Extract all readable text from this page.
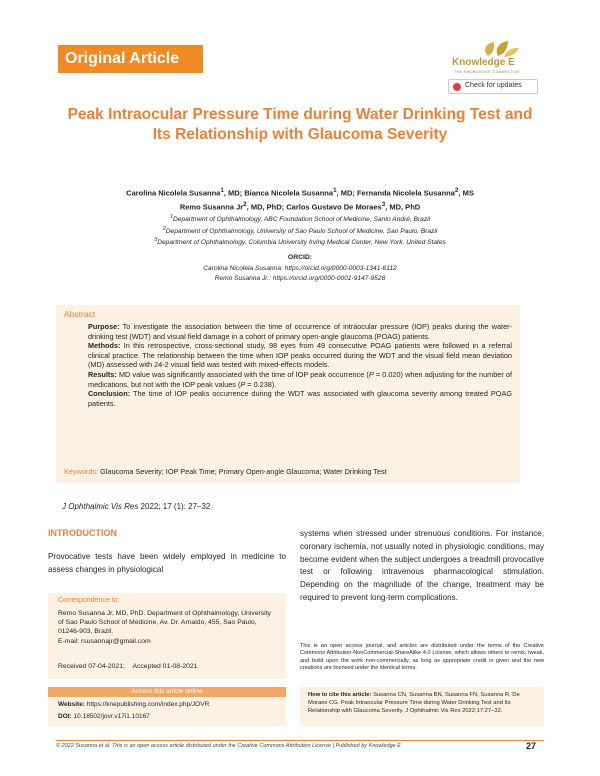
Original Article	Knowledge E
THE KNOWLEDGE CONNECTOR
Check for updates
Peak Intraocular Pressure Time during Water Drinking Test and Its Relationship with Glaucoma Severity
Carolina Nicolela Susanna$^1$, MD; Bianca Nicolela Susanna$^1$, MD; Fernanda Nicolela Susanna$^2$, MS
Remo Susanna Jr$^2$, MD, PhD; Carlos Gustavo De Moraes$^3$, MD, PhD
$^1$Department of Ophthalmology, ABC Foundation School of Medicine, Santo André, Brazil
$^2$Department of Ophthalmology, University of Sao Paulo School of Medicine, Sao Paulo, Brazil
$^3$Department of Ophthalmology, Columbia University Irving Medical Center, New York, United States
ORCID:
Carolina Nicolela Susanna: https://orcid.org/0000-0003-1341-6112
Remo Susanna Jr.: https://orcid.org/0000-0001-9147-9528
Abstract

Purpose: To investigate the association between the time of occurrence of intraocular pressure (IOP) peaks during the water-drinking test (WDT) and visual field damage in a cohort of primary open-angle glaucoma (POAG) patients.

Methods: In this retrospective, cross-sectional study, 98 eyes from 49 consecutive POAG patients were followed in a referral clinical practice. The relationship between the time when IOP peaks occurred during the WDT and the visual field mean deviation (MD) assessed with 24-2 visual field was tested with mixed-effects models.

Results: MD value was significantly associated with the time of IOP peak occurrence (P = 0.020) when adjusting for the number of medications, but not with the IOP peak values (P = 0.238).

Conclusion: The time of IOP peaks occurrence during the WDT was associated with glaucoma severity among treated POAG patients.

Keywords: Glaucoma Severity; IOP Peak Time; Primary Open-angle Glaucoma; Water Drinking Test
J Ophthalmic Vis Res 2022; 17 (1): 27–32
INTRODUCTION
Provocative tests have been widely employed in medicine to assess changes in physiological
systems when stressed under strenuous conditions. For instance, coronary ischemia, not usually noted in physiologic conditions, may become evident when the subject undergoes a treadmill provocative test or following intravenous pharmacological stimulation. Depending on the magnitude of the change, treatment may be required to prevent long-term complications.
Correspondence to:
Remo Susanna Jr, MD, PhD. Department of Ophthalmology, University of Sao Paulo School of Medicine, Av. Dr. Arnaldo, 455, Sao Paulo, 01246-903, Brazil.
E-mail: rsusannajr@gmail.com
Received 07-04-2021; Accepted 01-08-2021
Access this article online
Website: https://knepublishing.com/index.php/JOVR
DOI: 10.18502/jovr.v17i1.10167
This is an open access journal, and articles are distributed under the terms of the Creative Commons Attribution-NonCommercial-ShareAlike 4.0 License, which allows others to remix, tweak, and build upon the work non-commercially, as long as appropriate credit is given and the new creations are licensed under the identical terms.
How to cite this article: Susanna CN, Susanna BN, Susanna FN, Susanna R, De Moraes CG. Peak Intraocular Pressure Time during Water Drinking Test and Its Relationship with Glaucoma Severity. J Ophthalmic Vis Res 2022;17:27–32.
© 2022 Susanna et al. This is an open access article distributed under the Creative Commons Attribution License | Published by Knowledge E	27
